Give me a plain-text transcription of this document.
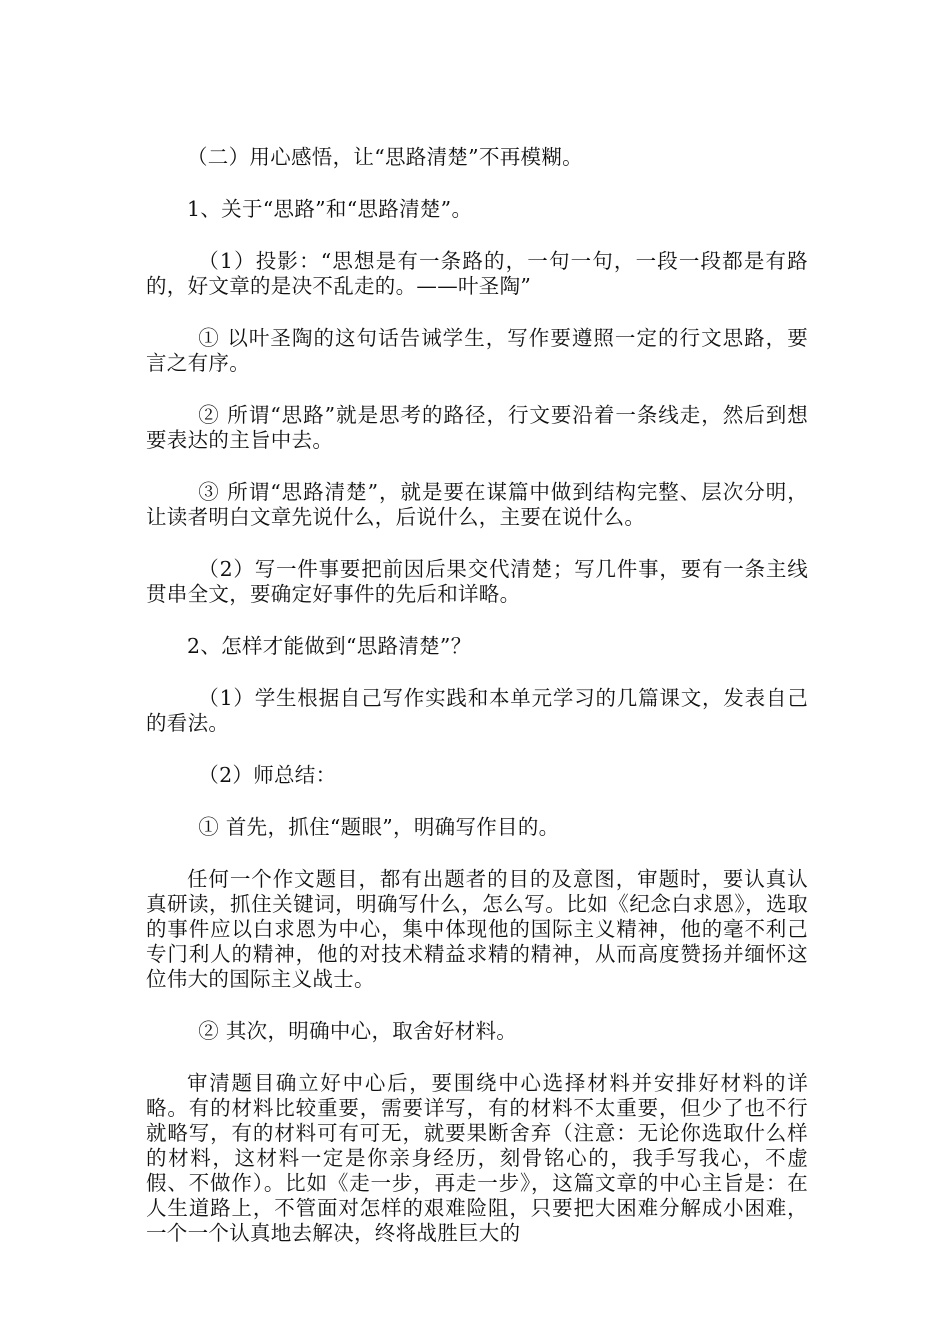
（二）用心感悟，让“思路清楚”不再模糊。

1、关于“思路”和“思路清楚”。

（1）投影：“思想是有一条路的，一句一句，一段一段都是有路的，好文章的是决不乱走的。——叶圣陶”

① 以叶圣陶的这句话告诫学生，写作要遵照一定的行文思路，要言之有序。

② 所谓“思路”就是思考的路径，行文要沿着一条线走，然后到想要表达的主旨中去。

③ 所谓“思路清楚”，就是要在谋篇中做到结构完整、层次分明，让读者明白文章先说什么，后说什么，主要在说什么。

（2）写一件事要把前因后果交代清楚；写几件事，要有一条主线贯串全文，要确定好事件的先后和详略。

2、怎样才能做到“思路清楚”？

（1）学生根据自己写作实践和本单元学习的几篇课文，发表自己的看法。

（2）师总结：

① 首先，抓住“题眼”，明确写作目的。

任何一个作文题目，都有出题者的目的及意图，审题时，要认真认真研读，抓住关键词，明确写什么，怎么写。比如《纪念白求恩》，选取的事件应以白求恩为中心，集中体现他的国际主义精神，他的毫不利己专门利人的精神，他的对技术精益求精的精神，从而高度赞扬并缅怀这位伟大的国际主义战士。

② 其次，明确中心，取舍好材料。

审清题目确立好中心后，要围绕中心选择材料并安排好材料的详略。有的材料比较重要，需要详写，有的材料不太重要，但少了也不行就略写，有的材料可有可无，就要果断舍弃（注意：无论你选取什么样的材料，这材料一定是你亲身经历，刻骨铭心的，我手写我心，不虚假、不做作）。比如《走一步，再走一步》，这篇文章的中心主旨是：在人生道路上，不管面对怎样的艰难险阻，只要把大困难分解成小困难，一个一个认真地去解决，终将战胜巨大的
